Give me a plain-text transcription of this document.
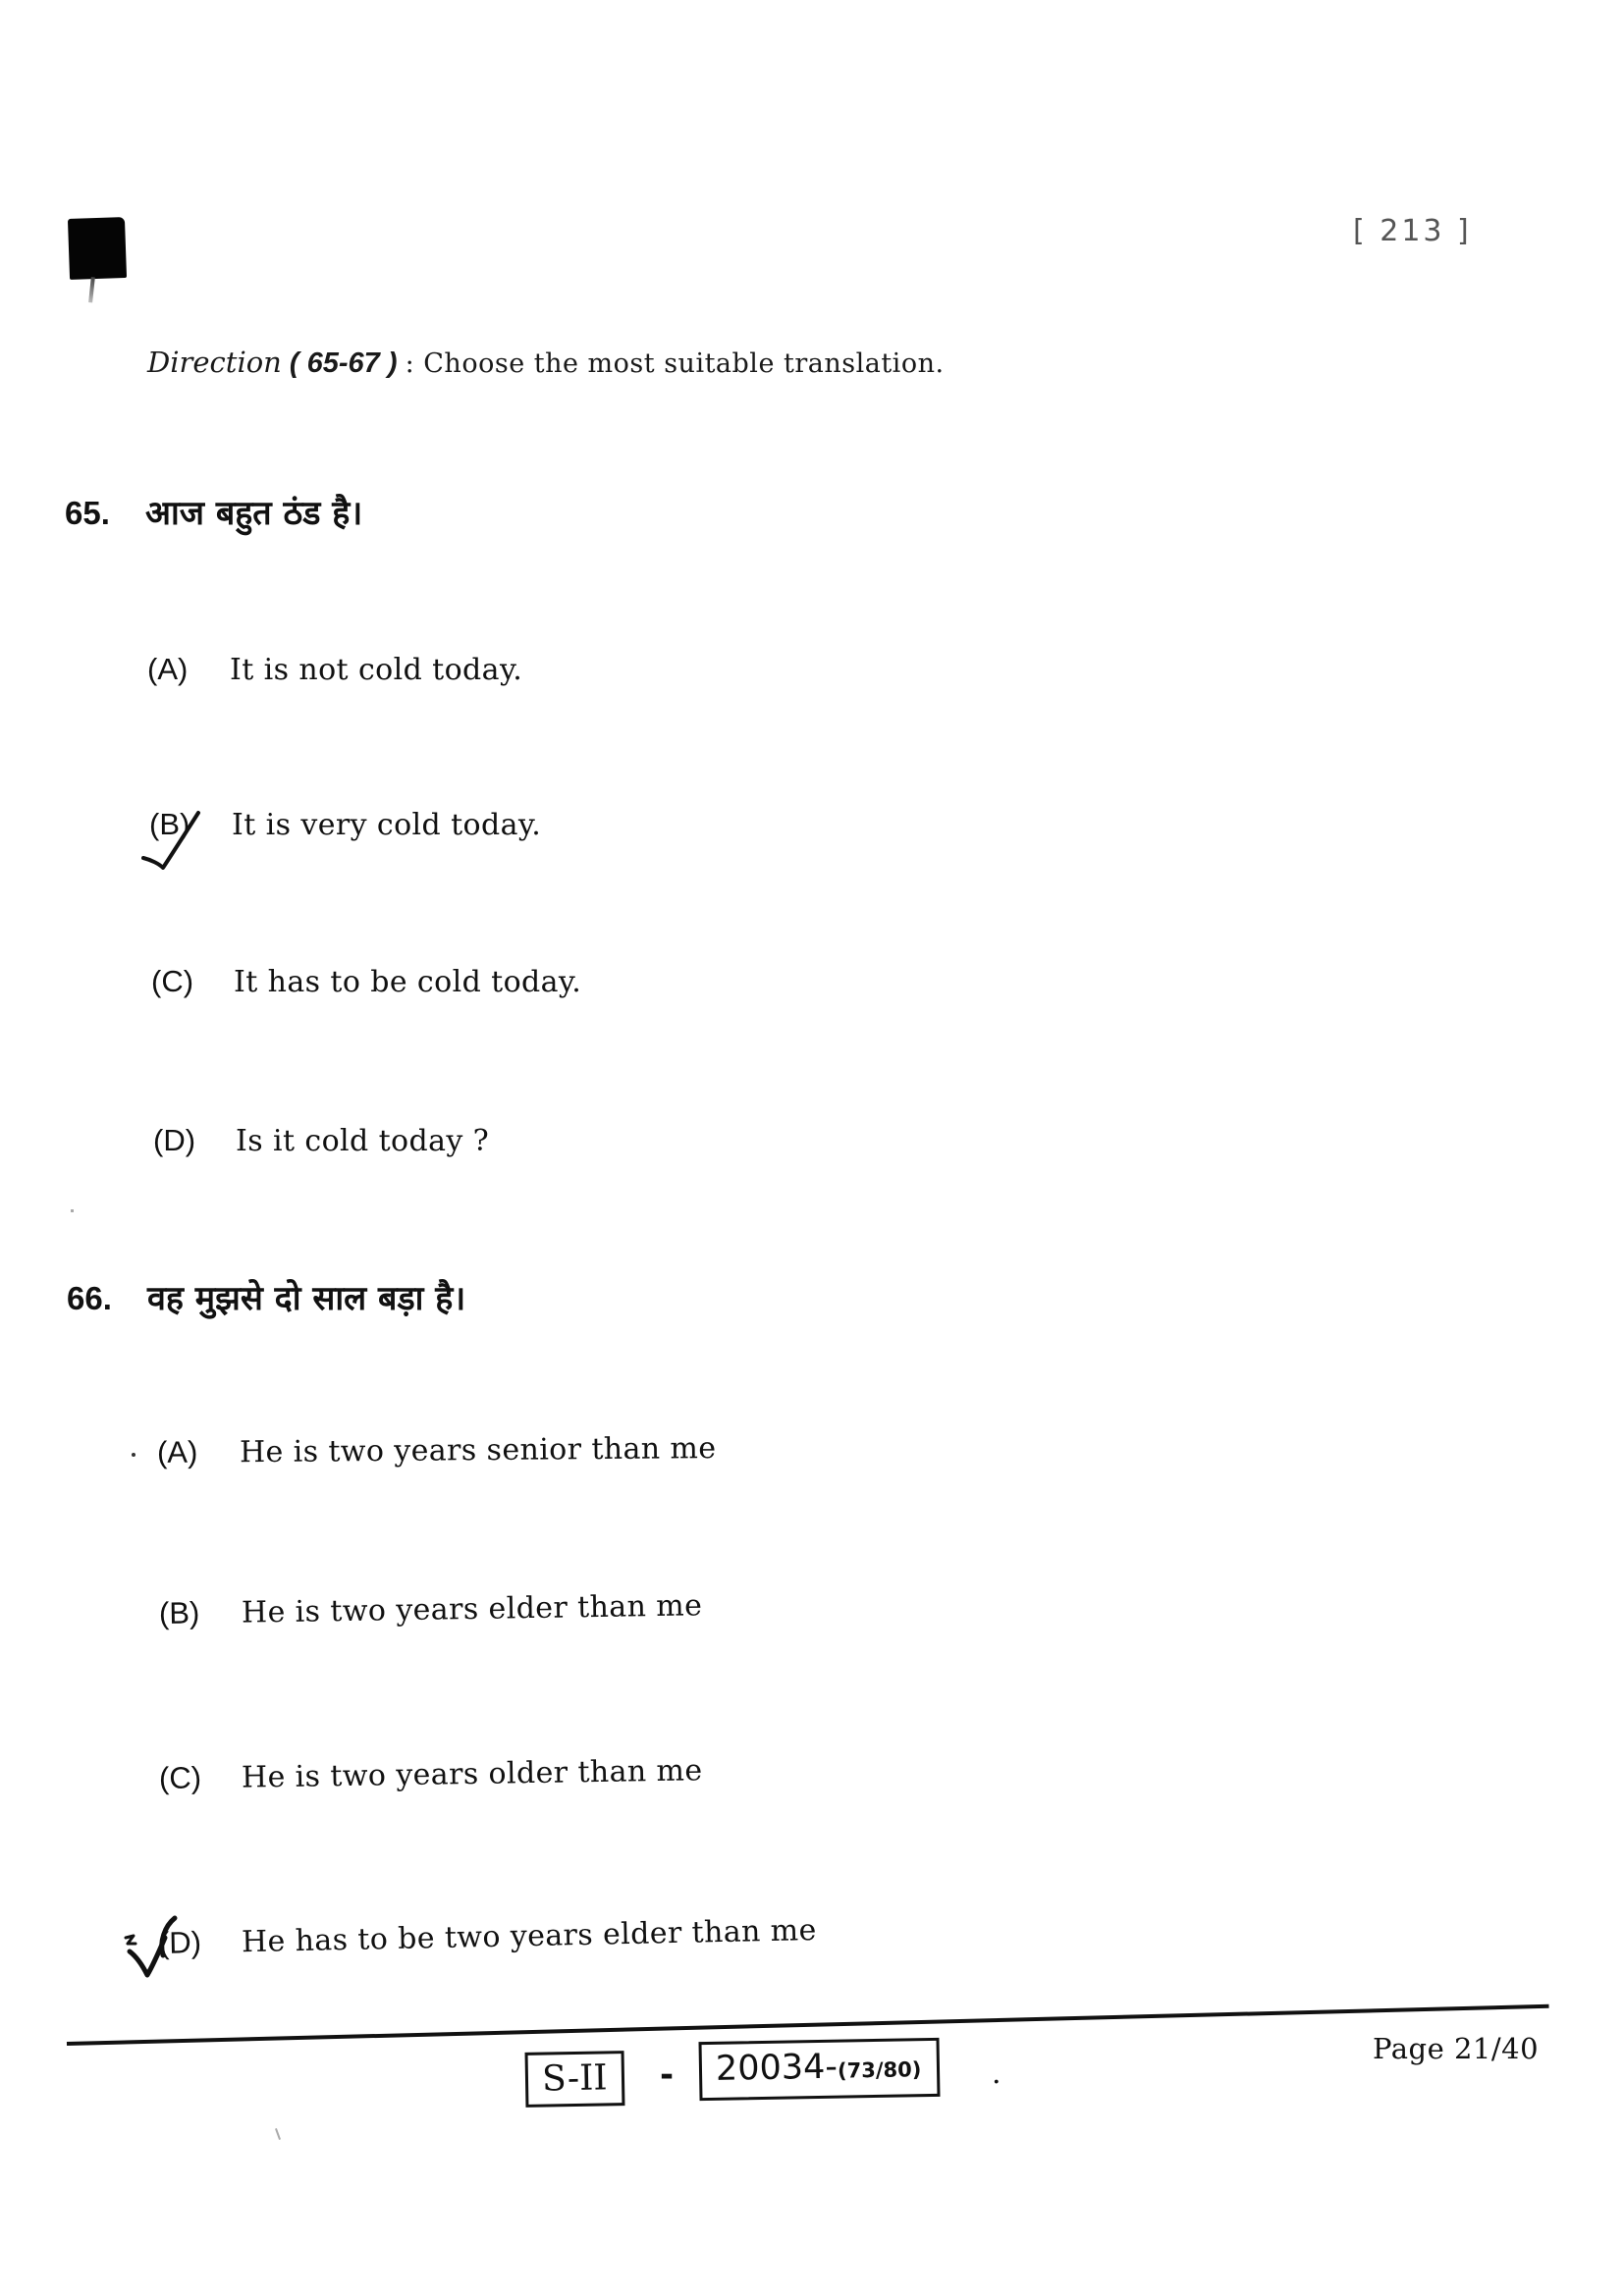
[ 213 ]
Direction ( 65-67 ) : Choose the most suitable translation.
65.	आज बहुत ठंड है।
(A)	It is not cold today.
(B)	It is very cold today.
(C)	It has to be cold today.
(D)	Is it cold today ?
66.	वह मुझसे दो साल बड़ा है।
(A)	He is two years senior than me
(B)	He is two years elder than me
(C)	He is two years older than me
(D)	He has to be two years elder than me
S-II	-	20034-(73/80)	.
Page 21/40
